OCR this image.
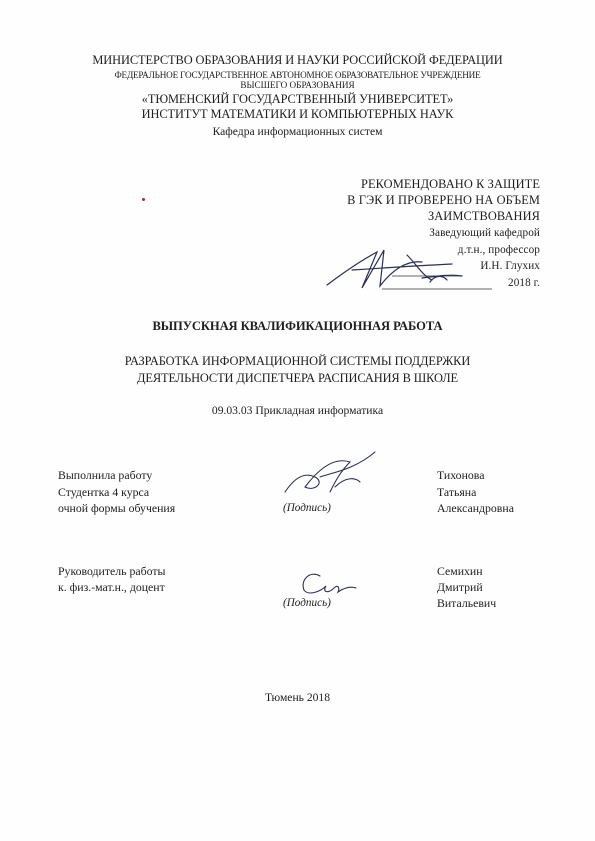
МИНИСТЕРСТВО ОБРАЗОВАНИЯ И НАУКИ РОССИЙСКОЙ ФЕДЕРАЦИИ
ФЕДЕРАЛЬНОЕ ГОСУДАРСТВЕННОЕ АВТОНОМНОЕ ОБРАЗОВАТЕЛЬНОЕ УЧРЕЖДЕНИЕ
ВЫСШЕГО ОБРАЗОВАНИЯ
«ТЮМЕНСКИЙ ГОСУДАРСТВЕННЫЙ УНИВЕРСИТЕТ»
ИНСТИТУТ МАТЕМАТИКИ И КОМПЬЮТЕРНЫХ НАУК
Кафедра информационных систем
РЕКОМЕНДОВАНО К ЗАЩИТЕ
В ГЭК И ПРОВЕРЕНО НА ОБЪЕМ
ЗАИМСТВОВАНИЯ
Заведующий кафедрой
д.т.н., профессор
И.Н. Глухих
2018 г.
ВЫПУСКНАЯ КВАЛИФИКАЦИОННАЯ РАБОТА
РАЗРАБОТКА ИНФОРМАЦИОННОЙ СИСТЕМЫ ПОДДЕРЖКИ
ДЕЯТЕЛЬНОСТИ ДИСПЕТЧЕРА РАСПИСАНИЯ В ШКОЛЕ
09.03.03 Прикладная информатика
Выполнила работу
Студентка 4 курса
очной формы обучения	(Подпись)
Тихонова
Татьяна
Александровна
Руководитель работы
к. физ.-мат.н., доцент
(Подпись)
Семихин
Дмитрий
Витальевич
Тюмень 2018
